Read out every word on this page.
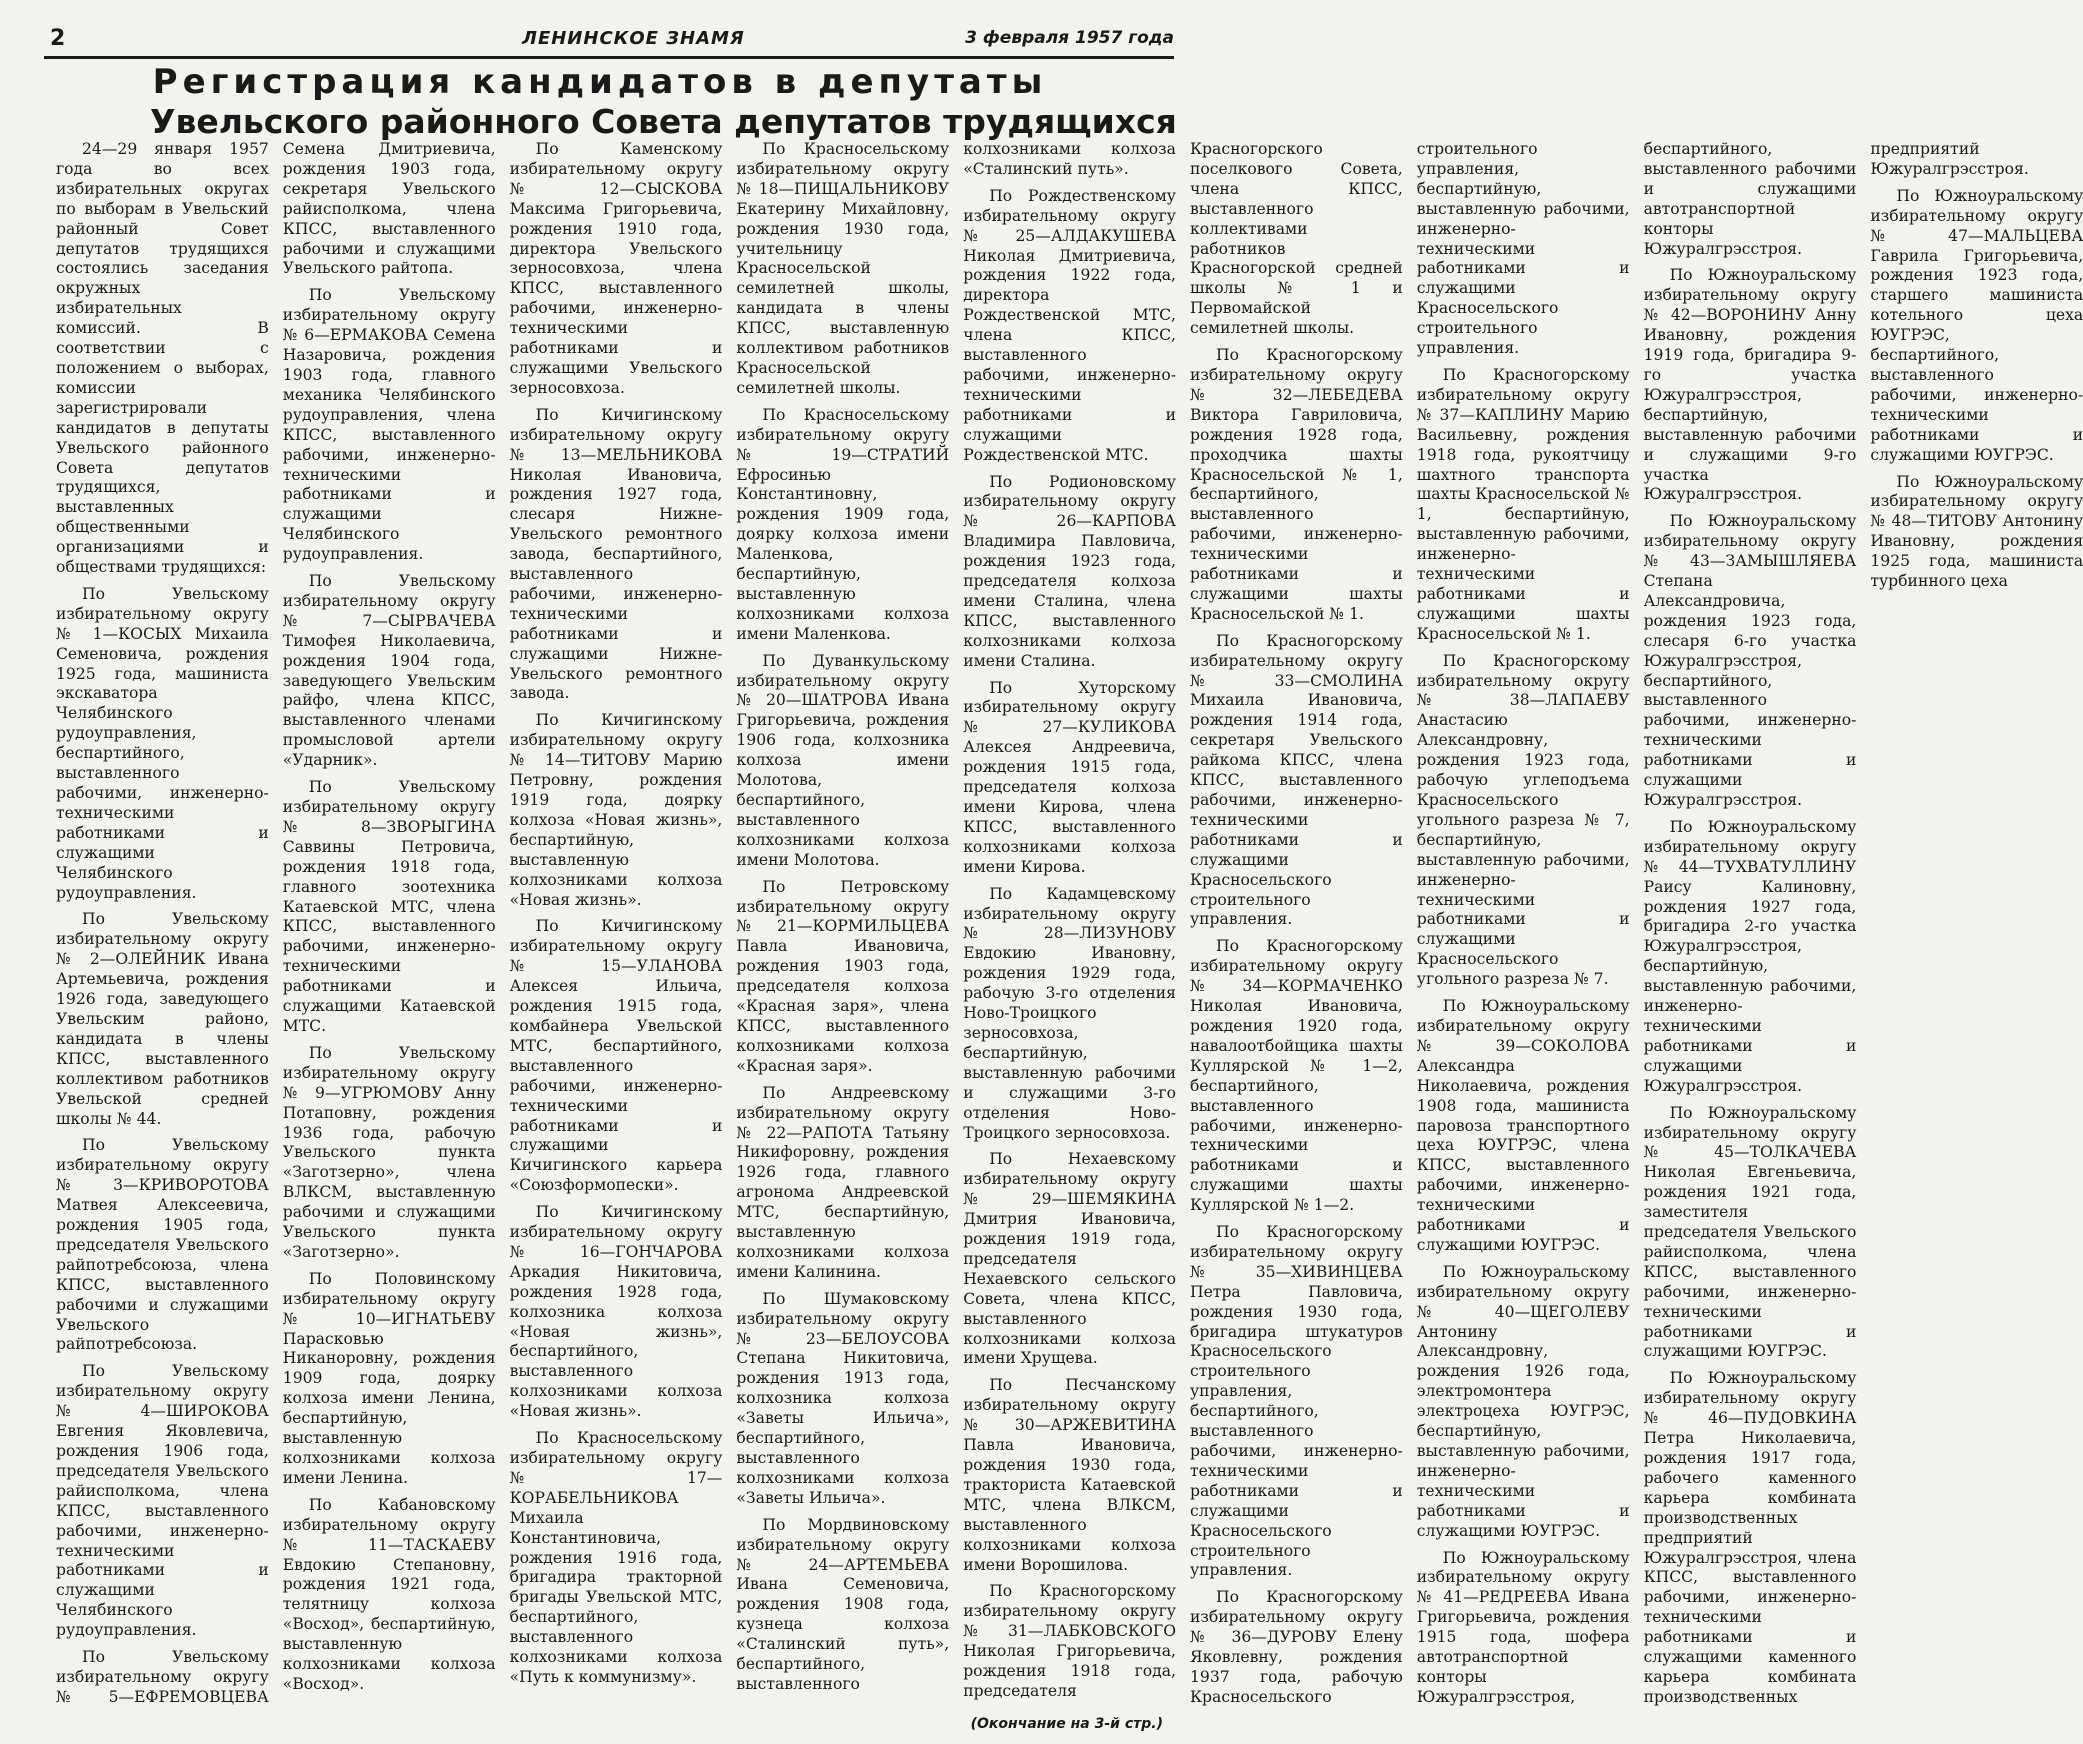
2	ЛЕНИНСКОЕ ЗНАМЯ	3 февраля 1957 года
Регистрация кандидатов в депутаты
Увельского районного Совета депутатов трудящихся

24—29 января 1957 года во всех избирательных округах по выборам в Увельский районный Совет депутатов трудящихся состоялись заседания окружных избирательных комиссий. В соответствии с положением о выборах, комиссии зарегистрировали кандидатов в депутаты Увельского районного Совета депутатов трудящихся, выставленных общественными организациями и обществами трудящихся:

По Увельскому избирательному округу № 1—КОСЫХ Михаила Семеновича, рождения 1925 года, машиниста экскаватора Челябинского рудоуправления, беспартийного, выставленного рабочими, инженерно-техническими работниками и служащими Челябинского рудоуправления.

По Увельскому избирательному округу № 2—ОЛЕЙНИК Ивана Артемьевича, рождения 1926 года, заведующего Увельским районо, кандидата в члены КПСС, выставленного коллективом работников Увельской средней школы № 44.

По Увельскому избирательному округу № 3—КРИВОРОТОВА Матвея Алексеевича, рождения 1905 года, председателя Увельского райпотребсоюза, члена КПСС, выставленного рабочими и служащими Увельского райпотребсоюза.

По Увельскому избирательному округу № 4—ШИРОКОВА Евгения Яковлевича, рождения 1906 года, председателя Увельского райисполкома, члена КПСС, выставленного рабочими, инженерно-техническими работниками и служащими Челябинского рудоуправления.

По Увельскому избирательному округу № 5—ЕФРЕМОВЦЕВА Семена Дмитриевича, рождения 1903 года, секретаря Увельского райисполкома, члена КПСС, выставленного рабочими и служащими Увельского райтопа.

По Увельскому избирательному округу № 6—ЕРМАКОВА Семена Назаровича, рождения 1903 года, главного механика Челябинского рудоуправления, члена КПСС, выставленного рабочими, инженерно-техническими работниками и служащими Челябинского рудоуправления.

По Увельскому избирательному округу № 7—СЫРВАЧЕВА Тимофея Николаевича, рождения 1904 года, заведующего Увельским райфо, члена КПСС, выставленного членами промысловой артели «Ударник».

По Увельскому избирательному округу № 8—ЗВОРЫГИНА Саввины Петровича, рождения 1918 года, главного зоотехника Катаевской МТС, члена КПСС, выставленного рабочими, инженерно-техническими работниками и служащими Катаевской МТС.

По Увельскому избирательному округу № 9—УГРЮМОВУ Анну Потаповну, рождения 1936 года, рабочую Увельского пункта «Заготзерно», члена ВЛКСМ, выставленную рабочими и служащими Увельского пункта «Заготзерно».

По Половинскому избирательному округу № 10—ИГНАТЬЕВУ Парасковью Никаноровну, рождения 1909 года, доярку колхоза имени Ленина, беспартийную, выставленную колхозниками колхоза имени Ленина.

По Кабановскому избирательному округу № 11—ТАСКАЕВУ Евдокию Степановну, рождения 1921 года, телятницу колхоза «Восход», беспартийную, выставленную колхозниками колхоза «Восход».

По Каменскому избирательному округу № 12—СЫСКОВА Максима Григорьевича, рождения 1910 года, директора Увельского зерносовхоза, члена КПСС, выставленного рабочими, инженерно-техническими работниками и служащими Увельского зерносовхоза.

По Кичигинскому избирательному округу № 13—МЕЛЬНИКОВА Николая Ивановича, рождения 1927 года, слесаря Нижне-Увельского ремонтного завода, беспартийного, выставленного рабочими, инженерно-техническими работниками и служащими Нижне-Увельского ремонтного завода.

По Кичигинскому избирательному округу № 14—ТИТОВУ Марию Петровну, рождения 1919 года, доярку колхоза «Новая жизнь», беспартийную, выставленную колхозниками колхоза «Новая жизнь».

По Кичигинскому избирательному округу № 15—УЛАНОВА Алексея Ильича, рождения 1915 года, комбайнера Увельской МТС, беспартийного, выставленного рабочими, инженерно-техническими работниками и служащими Кичигинского карьера «Союзформопески».

По Кичигинскому избирательному округу № 16—ГОНЧАРОВА Аркадия Никитовича, рождения 1928 года, колхозника колхоза «Новая жизнь», беспартийного, выставленного колхозниками колхоза «Новая жизнь».

По Красносельскому избирательному округу № 17—КОРАБЕЛЬНИКОВА Михаила Константиновича, рождения 1916 года, бригадира тракторной бригады Увельской МТС, беспартийного, выставленного колхозниками колхоза «Путь к коммунизму».

По Красносельскому избирательному округу № 18—ПИЩАЛЬНИКОВУ Екатерину Михайловну, рождения 1930 года, учительницу Красносельской семилетней школы, кандидата в члены КПСС, выставленную коллективом работников Красносельской семилетней школы.

По Красносельскому избирательному округу № 19—СТРАТИЙ Ефросинью Константиновну, рождения 1909 года, доярку колхоза имени Маленкова, беспартийную, выставленную колхозниками колхоза имени Маленкова.

По Дуванкульскому избирательному округу № 20—ШАТРОВА Ивана Григорьевича, рождения 1906 года, колхозника колхоза имени Молотова, беспартийного, выставленного колхозниками колхоза имени Молотова.

По Петровскому избирательному округу № 21—КОРМИЛЬЦЕВА Павла Ивановича, рождения 1903 года, председателя колхоза «Красная заря», члена КПСС, выставленного колхозниками колхоза «Красная заря».

По Андреевскому избирательному округу № 22—РАПОТА Татьяну Никифоровну, рождения 1926 года, главного агронома Андреевской МТС, беспартийную, выставленную колхозниками колхоза имени Калинина.

По Шумаковскому избирательному округу № 23—БЕЛОУСОВА Степана Никитовича, рождения 1913 года, колхозника колхоза «Заветы Ильича», беспартийного, выставленного колхозниками колхоза «Заветы Ильича».

По Мордвиновскому избирательному округу № 24—АРТЕМЬЕВА Ивана Семеновича, рождения 1908 года, кузнеца колхоза «Сталинский путь», беспартийного, выставленного колхозниками колхоза «Сталинский путь».

По Рождественскому избирательному округу № 25—АЛДАКУШЕВА Николая Дмитриевича, рождения 1922 года, директора Рождественской МТС, члена КПСС, выставленного рабочими, инженерно-техническими работниками и служащими Рождественской МТС.

По Родионовскому избирательному округу № 26—КАРПОВА Владимира Павловича, рождения 1923 года, председателя колхоза имени Сталина, члена КПСС, выставленного колхозниками колхоза имени Сталина.

По Хуторскому избирательному округу № 27—КУЛИКОВА Алексея Андреевича, рождения 1915 года, председателя колхоза имени Кирова, члена КПСС, выставленного колхозниками колхоза имени Кирова.

По Кадамцевскому избирательному округу № 28—ЛИЗУНОВУ Евдокию Ивановну, рождения 1929 года, рабочую 3-го отделения Ново-Троицкого зерносовхоза, беспартийную, выставленную рабочими и служащими 3-го отделения Ново-Троицкого зерносовхоза.

По Нехаевскому избирательному округу № 29—ШЕМЯКИНА Дмитрия Ивановича, рождения 1919 года, председателя Нехаевского сельского Совета, члена КПСС, выставленного колхозниками колхоза имени Хрущева.

По Песчанскому избирательному округу № 30—АРЖЕВИТИНА Павла Ивановича, рождения 1930 года, тракториста Катаевской МТС, члена ВЛКСМ, выставленного колхозниками колхоза имени Ворошилова.

По Красногорскому избирательному округу № 31—ЛАБКОВСКОГО Николая Григорьевича, рождения 1918 года, председателя Красногорского поселкового Совета, члена КПСС, выставленного коллективами работников Красногорской средней школы № 1 и Первомайской семилетней школы.

По Красногорскому избирательному округу № 32—ЛЕБЕДЕВА Виктора Гавриловича, рождения 1928 года, проходчика шахты Красносельской № 1, беспартийного, выставленного рабочими, инженерно-техническими работниками и служащими шахты Красносельской № 1.

По Красногорскому избирательному округу № 33—СМОЛИНА Михаила Ивановича, рождения 1914 года, секретаря Увельского райкома КПСС, члена КПСС, выставленного рабочими, инженерно-техническими работниками и служащими Красносельского строительного управления.

По Красногорскому избирательному округу № 34—КОРМАЧЕНКО Николая Ивановича, рождения 1920 года, навалоотбойщика шахты Куллярской № 1—2, беспартийного, выставленного рабочими, инженерно-техническими работниками и служащими шахты Куллярской № 1—2.

По Красногорскому избирательному округу № 35—ХИВИНЦЕВА Петра Павловича, рождения 1930 года, бригадира штукатуров Красносельского строительного управления, беспартийного, выставленного рабочими, инженерно-техническими работниками и служащими Красносельского строительного управления.

По Красногорскому избирательному округу № 36—ДУРОВУ Елену Яковлевну, рождения 1937 года, рабочую Красносельского строительного управления, беспартийную, выставленную рабочими, инженерно-техническими работниками и служащими Красносельского строительного управления.

По Красногорскому избирательному округу № 37—КАПЛИНУ Марию Васильевну, рождения 1918 года, рукоятчицу шахтного транспорта шахты Красносельской № 1, беспартийную, выставленную рабочими, инженерно-техническими работниками и служащими шахты Красносельской № 1.

По Красногорскому избирательному округу № 38—ЛАПАЕВУ Анастасию Александровну, рождения 1923 года, рабочую углеподъема Красносельского угольного разреза № 7, беспартийную, выставленную рабочими, инженерно-техническими работниками и служащими Красносельского угольного разреза № 7.

По Южноуральскому избирательному округу № 39—СОКОЛОВА Александра Николаевича, рождения 1908 года, машиниста паровоза транспортного цеха ЮУГРЭС, члена КПСС, выставленного рабочими, инженерно-техническими работниками и служащими ЮУГРЭС.

По Южноуральскому избирательному округу № 40—ЩЕГОЛЕВУ Антонину Александровну, рождения 1926 года, электромонтера электроцеха ЮУГРЭС, беспартийную, выставленную рабочими, инженерно-техническими работниками и служащими ЮУГРЭС.

По Южноуральскому избирательному округу № 41—РЕДРЕЕВА Ивана Григорьевича, рождения 1915 года, шофера автотранспортной конторы Южуралгрэсстроя, беспартийного, выставленного рабочими и служащими автотранспортной конторы Южуралгрэсстроя.

По Южноуральскому избирательному округу № 42—ВОРОНИНУ Анну Ивановну, рождения 1919 года, бригадира 9-го участка Южуралгрэсстроя, беспартийную, выставленную рабочими и служащими 9-го участка Южуралгрэсстроя.

По Южноуральскому избирательному округу № 43—ЗАМЫШЛЯЕВА Степана Александровича, рождения 1923 года, слесаря 6-го участка Южуралгрэсстроя, беспартийного, выставленного рабочими, инженерно-техническими работниками и служащими Южуралгрэсстроя.

По Южноуральскому избирательному округу № 44—ТУХВАТУЛЛИНУ Раису Калиновну, рождения 1927 года, бригадира 2-го участка Южуралгрэсстроя, беспартийную, выставленную рабочими, инженерно-техническими работниками и служащими Южуралгрэсстроя.

По Южноуральскому избирательному округу № 45—ТОЛКАЧЕВА Николая Евгеньевича, рождения 1921 года, заместителя председателя Увельского райисполкома, члена КПСС, выставленного рабочими, инженерно-техническими работниками и служащими ЮУГРЭС.

По Южноуральскому избирательному округу № 46—ПУДОВКИНА Петра Николаевича, рождения 1917 года, рабочего каменного карьера комбината производственных предприятий Южуралгрэсстроя, члена КПСС, выставленного рабочими, инженерно-техническими работниками и служащими каменного карьера комбината производственных предприятий Южуралгрэсстроя.

По Южноуральскому избирательному округу № 47—МАЛЬЦЕВА Гаврила Григорьевича, рождения 1923 года, старшего машиниста котельного цеха ЮУГРЭС, беспартийного, выставленного рабочими, инженерно-техническими работниками и служащими ЮУГРЭС.

По Южноуральскому избирательному округу № 48—ТИТОВУ Антонину Ивановну, рождения 1925 года, машиниста турбинного цеха

(Окончание на 3-й стр.)
